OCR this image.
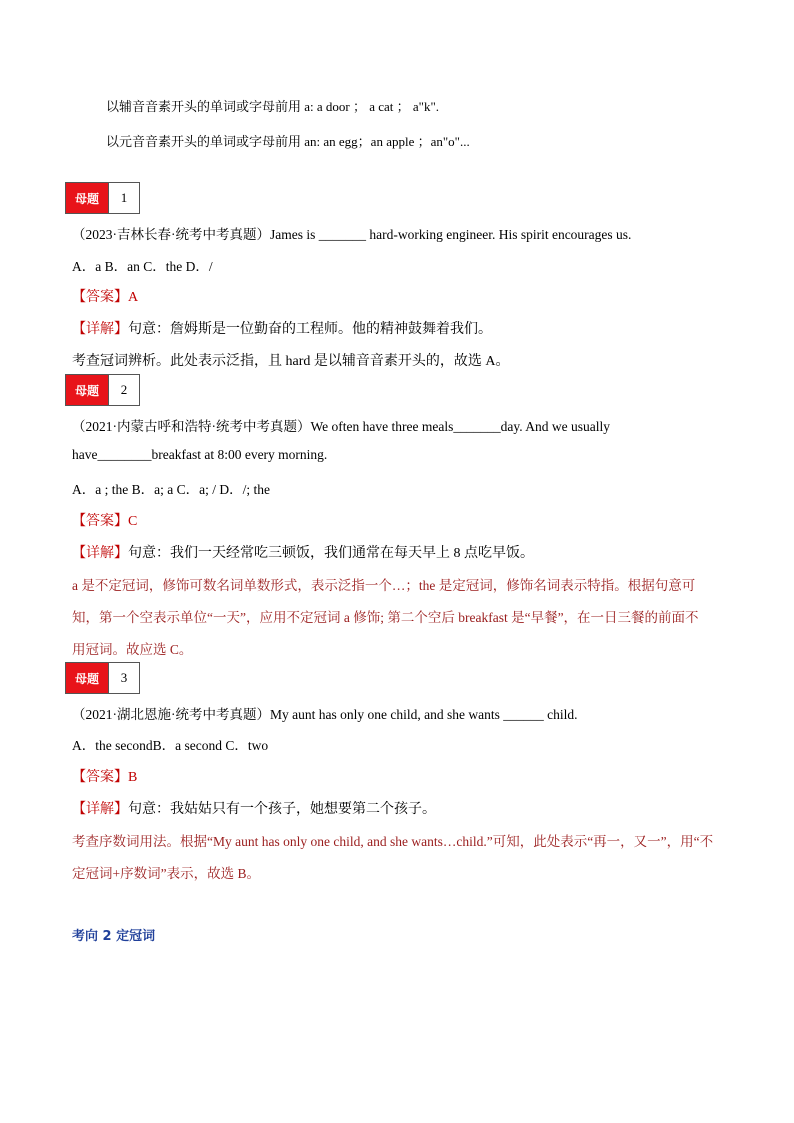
以辅音音素开头的单词或字母前用 a: a door ； a cat ； a"k".
以元音音素开头的单词或字母前用 an: an egg；an apple ；an"o"...
母题	1
（2023·吉林长春·统考中考真题）James is _______ hard-working engineer. His spirit encourages us.
A．a B．an C．the D．/
【答案】A
【详解】句意：詹姆斯是一位勤奋的工程师。他的精神鼓舞着我们。
考查冠词辨析。此处表示泛指，且 hard 是以辅音音素开头的，故选 A。
母题	2
（2021·内蒙古呼和浩特·统考中考真题）We often have three meals_______day. And we usually
have________breakfast at 8:00 every morning.
A．a ; the B．a; a C．a; / D．/; the
【答案】C
【详解】句意：我们一天经常吃三顿饭，我们通常在每天早上 8 点吃早饭。
a 是不定冠词，修饰可数名词单数形式，表示泛指一个…；the 是定冠词，修饰名词表示特指。根据句意可
知，第一个空表示单位“一天”，应用不定冠词 a 修饰; 第二个空后 breakfast 是“早餐”，在一日三餐的前面不
用冠词。故应选 C。
母题	3
（2021·湖北恩施·统考中考真题）My aunt has only one child, and she wants ______ child.
A．the secondB．a second C．two
【答案】B
【详解】句意：我姑姑只有一个孩子，她想要第二个孩子。
考查序数词用法。根据“My aunt has only one child, and she wants…child.”可知，此处表示“再一，又一”，用“不
定冠词+序数词”表示，故选 B。
考向 2 定冠词
